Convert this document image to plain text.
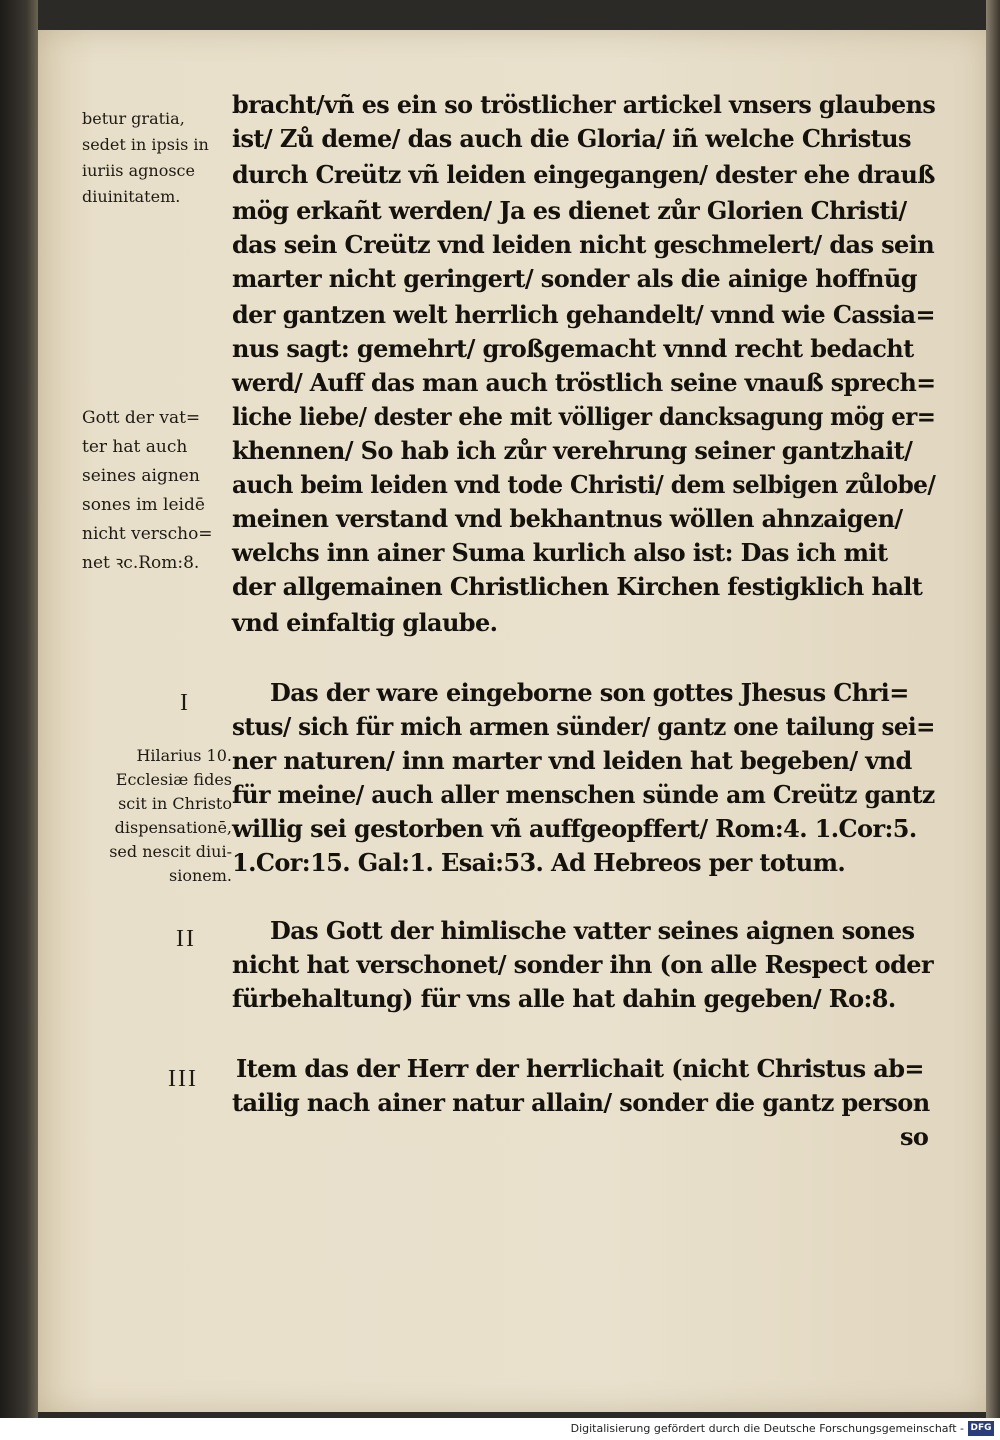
betur gratia,
sedet in ipsis in
iuriis agnosce
diuinitatem.
Gott der vat=
ter hat auch
seines aignen
sones im leidē
nicht verscho=
net ꝛc.Rom:8.
I
II
III
Hilarius 10.
Ecclesiæ fides
scit in Christo
dispensationē,
sed nescit diui-
sionem.
bracht/vñ es ein so tröstlicher artickel vnsers glaubens
ist/ Zů deme/ das auch die Gloria/ iñ welche Christus
durch Creütz vñ leiden eingegangen/ dester ehe drauß
mög erkañt werden/ Ja es dienet zůr Glorien Christi/
das sein Creütz vnd leiden nicht geschmelert/ das sein
marter nicht geringert/ sonder als die ainige hoffnūg
der gantzen welt herrlich gehandelt/ vnnd wie Cassia=
nus sagt: gemehrt/ großgemacht vnnd recht bedacht
werd/ Auff das man auch tröstlich seine vnauß sprech=
liche liebe/ dester ehe mit völliger dancksagung mög er=
khennen/ So hab ich zůr verehrung seiner gantzhait/
auch beim leiden vnd tode Christi/ dem selbigen zůlobe/
meinen verstand vnd bekhantnus wöllen ahnzaigen/
welchs inn ainer Suma kurlich also ist: Das ich mit
der allgemainen Christlichen Kirchen festigklich halt
vnd einfaltig glaube.
Das der ware eingeborne son gottes Jhesus Chri=
stus/ sich für mich armen sünder/ gantz one tailung sei=
ner naturen/ inn marter vnd leiden hat begeben/ vnd
für meine/ auch aller menschen sünde am Creütz gantz
willig sei gestorben vñ auffgeopffert/ Rom:4. 1.Cor:5.
1.Cor:15. Gal:1. Esai:53. Ad Hebreos per totum.
Das Gott der himlische vatter seines aignen sones
nicht hat verschonet/ sonder ihn (on alle Respect oder
fürbehaltung) für vns alle hat dahin gegeben/ Ro:8.
Item das der Herr der herrlichait (nicht Christus ab=
tailig nach ainer natur allain/ sonder die gantz person
so
Digitalisierung gefördert durch die Deutsche Forschungsgemeinschaft - DFG
